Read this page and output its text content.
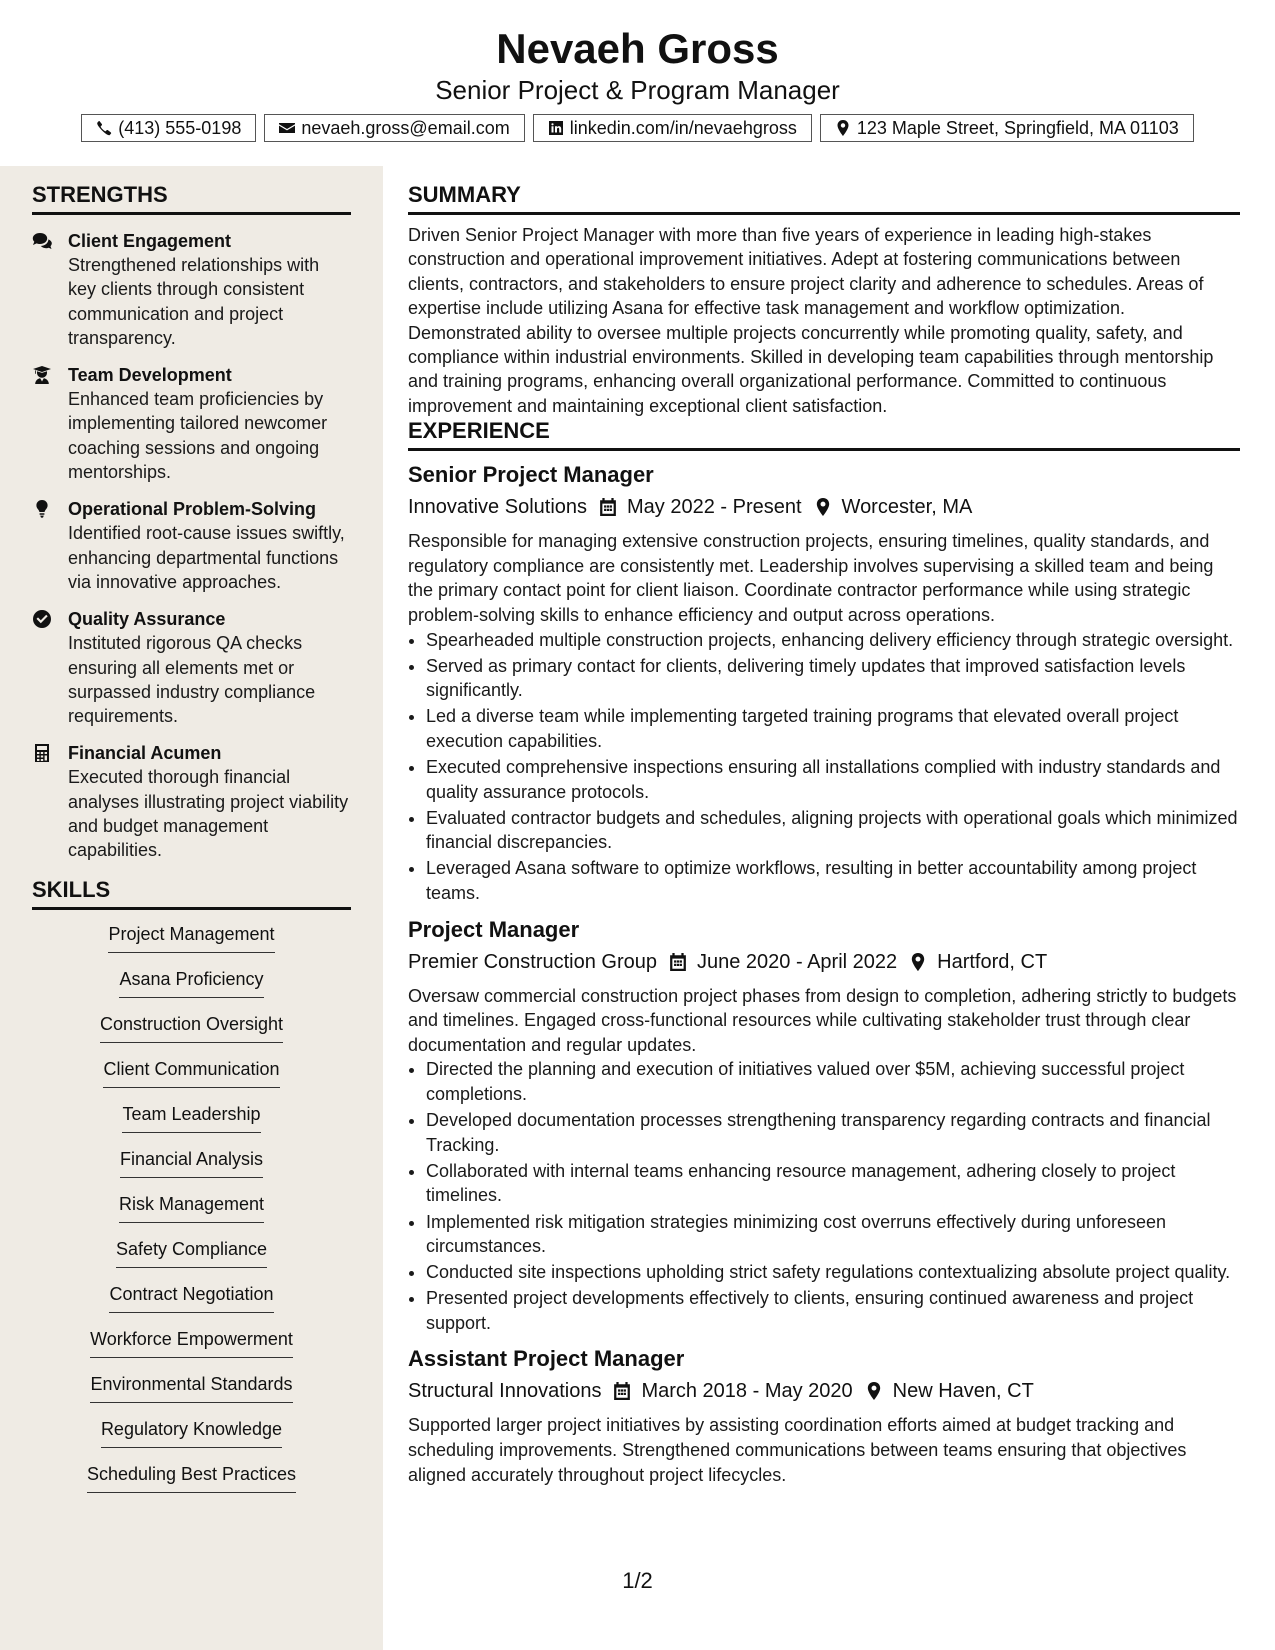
Nevaeh Gross
Senior Project & Program Manager
(413) 555-0198	nevaeh.gross@email.com	linkedin.com/in/nevaehgross	123 Maple Street, Springfield, MA 01103
STRENGTHS
Client Engagement
Strengthened relationships with key clients through consistent communication and project transparency.
Team Development
Enhanced team proficiencies by implementing tailored newcomer coaching sessions and ongoing mentorships.
Operational Problem-Solving
Identified root-cause issues swiftly, enhancing departmental functions via innovative approaches.
Quality Assurance
Instituted rigorous QA checks ensuring all elements met or surpassed industry compliance requirements.
Financial Acumen
Executed thorough financial analyses illustrating project viability and budget management capabilities.
SKILLS
Project Management
Asana Proficiency
Construction Oversight
Client Communication
Team Leadership
Financial Analysis
Risk Management
Safety Compliance
Contract Negotiation
Workforce Empowerment
Environmental Standards
Regulatory Knowledge
Scheduling Best Practices
SUMMARY
Driven Senior Project Manager with more than five years of experience in leading high-stakes construction and operational improvement initiatives. Adept at fostering communications between clients, contractors, and stakeholders to ensure project clarity and adherence to schedules. Areas of expertise include utilizing Asana for effective task management and workflow optimization. Demonstrated ability to oversee multiple projects concurrently while promoting quality, safety, and compliance within industrial environments. Skilled in developing team capabilities through mentorship and training programs, enhancing overall organizational performance. Committed to continuous improvement and maintaining exceptional client satisfaction.
EXPERIENCE
Senior Project Manager
Innovative Solutions May 2022 - Present Worcester, MA
Responsible for managing extensive construction projects, ensuring timelines, quality standards, and regulatory compliance are consistently met. Leadership involves supervising a skilled team and being the primary contact point for client liaison. Coordinate contractor performance while using strategic problem-solving skills to enhance efficiency and output across operations.
• Spearheaded multiple construction projects, enhancing delivery efficiency through strategic oversight.
• Served as primary contact for clients, delivering timely updates that improved satisfaction levels significantly.
• Led a diverse team while implementing targeted training programs that elevated overall project execution capabilities.
• Executed comprehensive inspections ensuring all installations complied with industry standards and quality assurance protocols.
• Evaluated contractor budgets and schedules, aligning projects with operational goals which minimized financial discrepancies.
• Leveraged Asana software to optimize workflows, resulting in better accountability among project teams.
Project Manager
Premier Construction Group June 2020 - April 2022 Hartford, CT
Oversaw commercial construction project phases from design to completion, adhering strictly to budgets and timelines. Engaged cross-functional resources while cultivating stakeholder trust through clear documentation and regular updates.
• Directed the planning and execution of initiatives valued over $5M, achieving successful project completions.
• Developed documentation processes strengthening transparency regarding contracts and financial Tracking.
• Collaborated with internal teams enhancing resource management, adhering closely to project timelines.
• Implemented risk mitigation strategies minimizing cost overruns effectively during unforeseen circumstances.
• Conducted site inspections upholding strict safety regulations contextualizing absolute project quality.
• Presented project developments effectively to clients, ensuring continued awareness and project support.
Assistant Project Manager
Structural Innovations March 2018 - May 2020 New Haven, CT
Supported larger project initiatives by assisting coordination efforts aimed at budget tracking and scheduling improvements. Strengthened communications between teams ensuring that objectives aligned accurately throughout project lifecycles.
1/2
